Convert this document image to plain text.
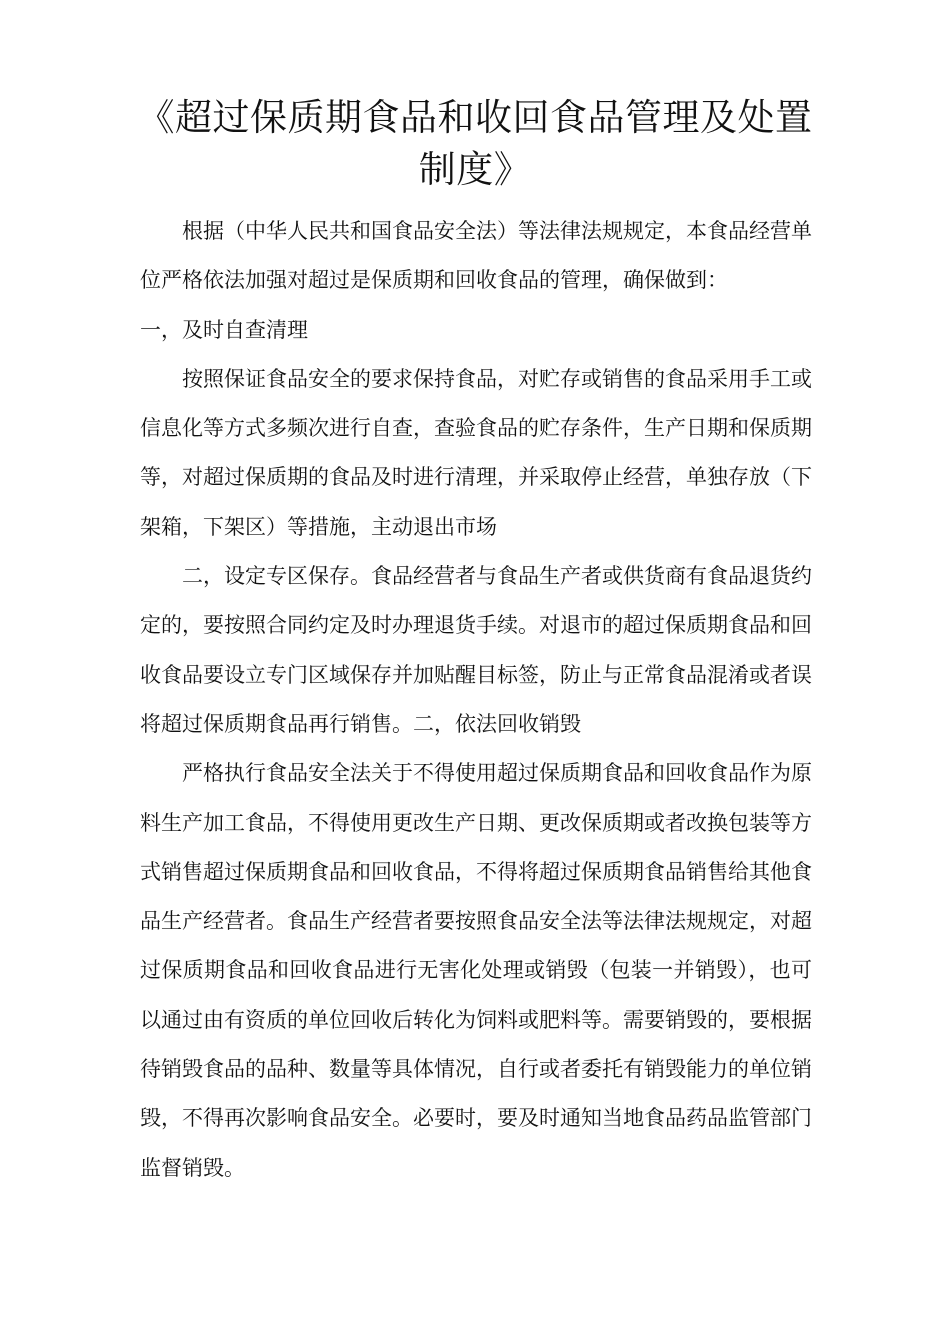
《超过保质期食品和收回食品管理及处置制度》

根据（中华人民共和国食品安全法）等法律法规规定，本食品经营单位严格依法加强对超过是保质期和回收食品的管理，确保做到：

一，及时自查清理

按照保证食品安全的要求保持食品，对贮存或销售的食品采用手工或信息化等方式多频次进行自查，查验食品的贮存条件，生产日期和保质期等，对超过保质期的食品及时进行清理，并采取停止经营，单独存放（下架箱，下架区）等措施，主动退出市场

二，设定专区保存。食品经营者与食品生产者或供货商有食品退货约定的，要按照合同约定及时办理退货手续。对退市的超过保质期食品和回收食品要设立专门区域保存并加贴醒目标签，防止与正常食品混淆或者误将超过保质期食品再行销售。二，依法回收销毁

严格执行食品安全法关于不得使用超过保质期食品和回收食品作为原料生产加工食品，不得使用更改生产日期、更改保质期或者改换包装等方式销售超过保质期食品和回收食品，不得将超过保质期食品销售给其他食品生产经营者。食品生产经营者要按照食品安全法等法律法规规定，对超过保质期食品和回收食品进行无害化处理或销毁（包装一并销毁），也可以通过由有资质的单位回收后转化为饲料或肥料等。需要销毁的，要根据待销毁食品的品种、数量等具体情况，自行或者委托有销毁能力的单位销毁，不得再次影响食品安全。必要时，要及时通知当地食品药品监管部门监督销毁。
